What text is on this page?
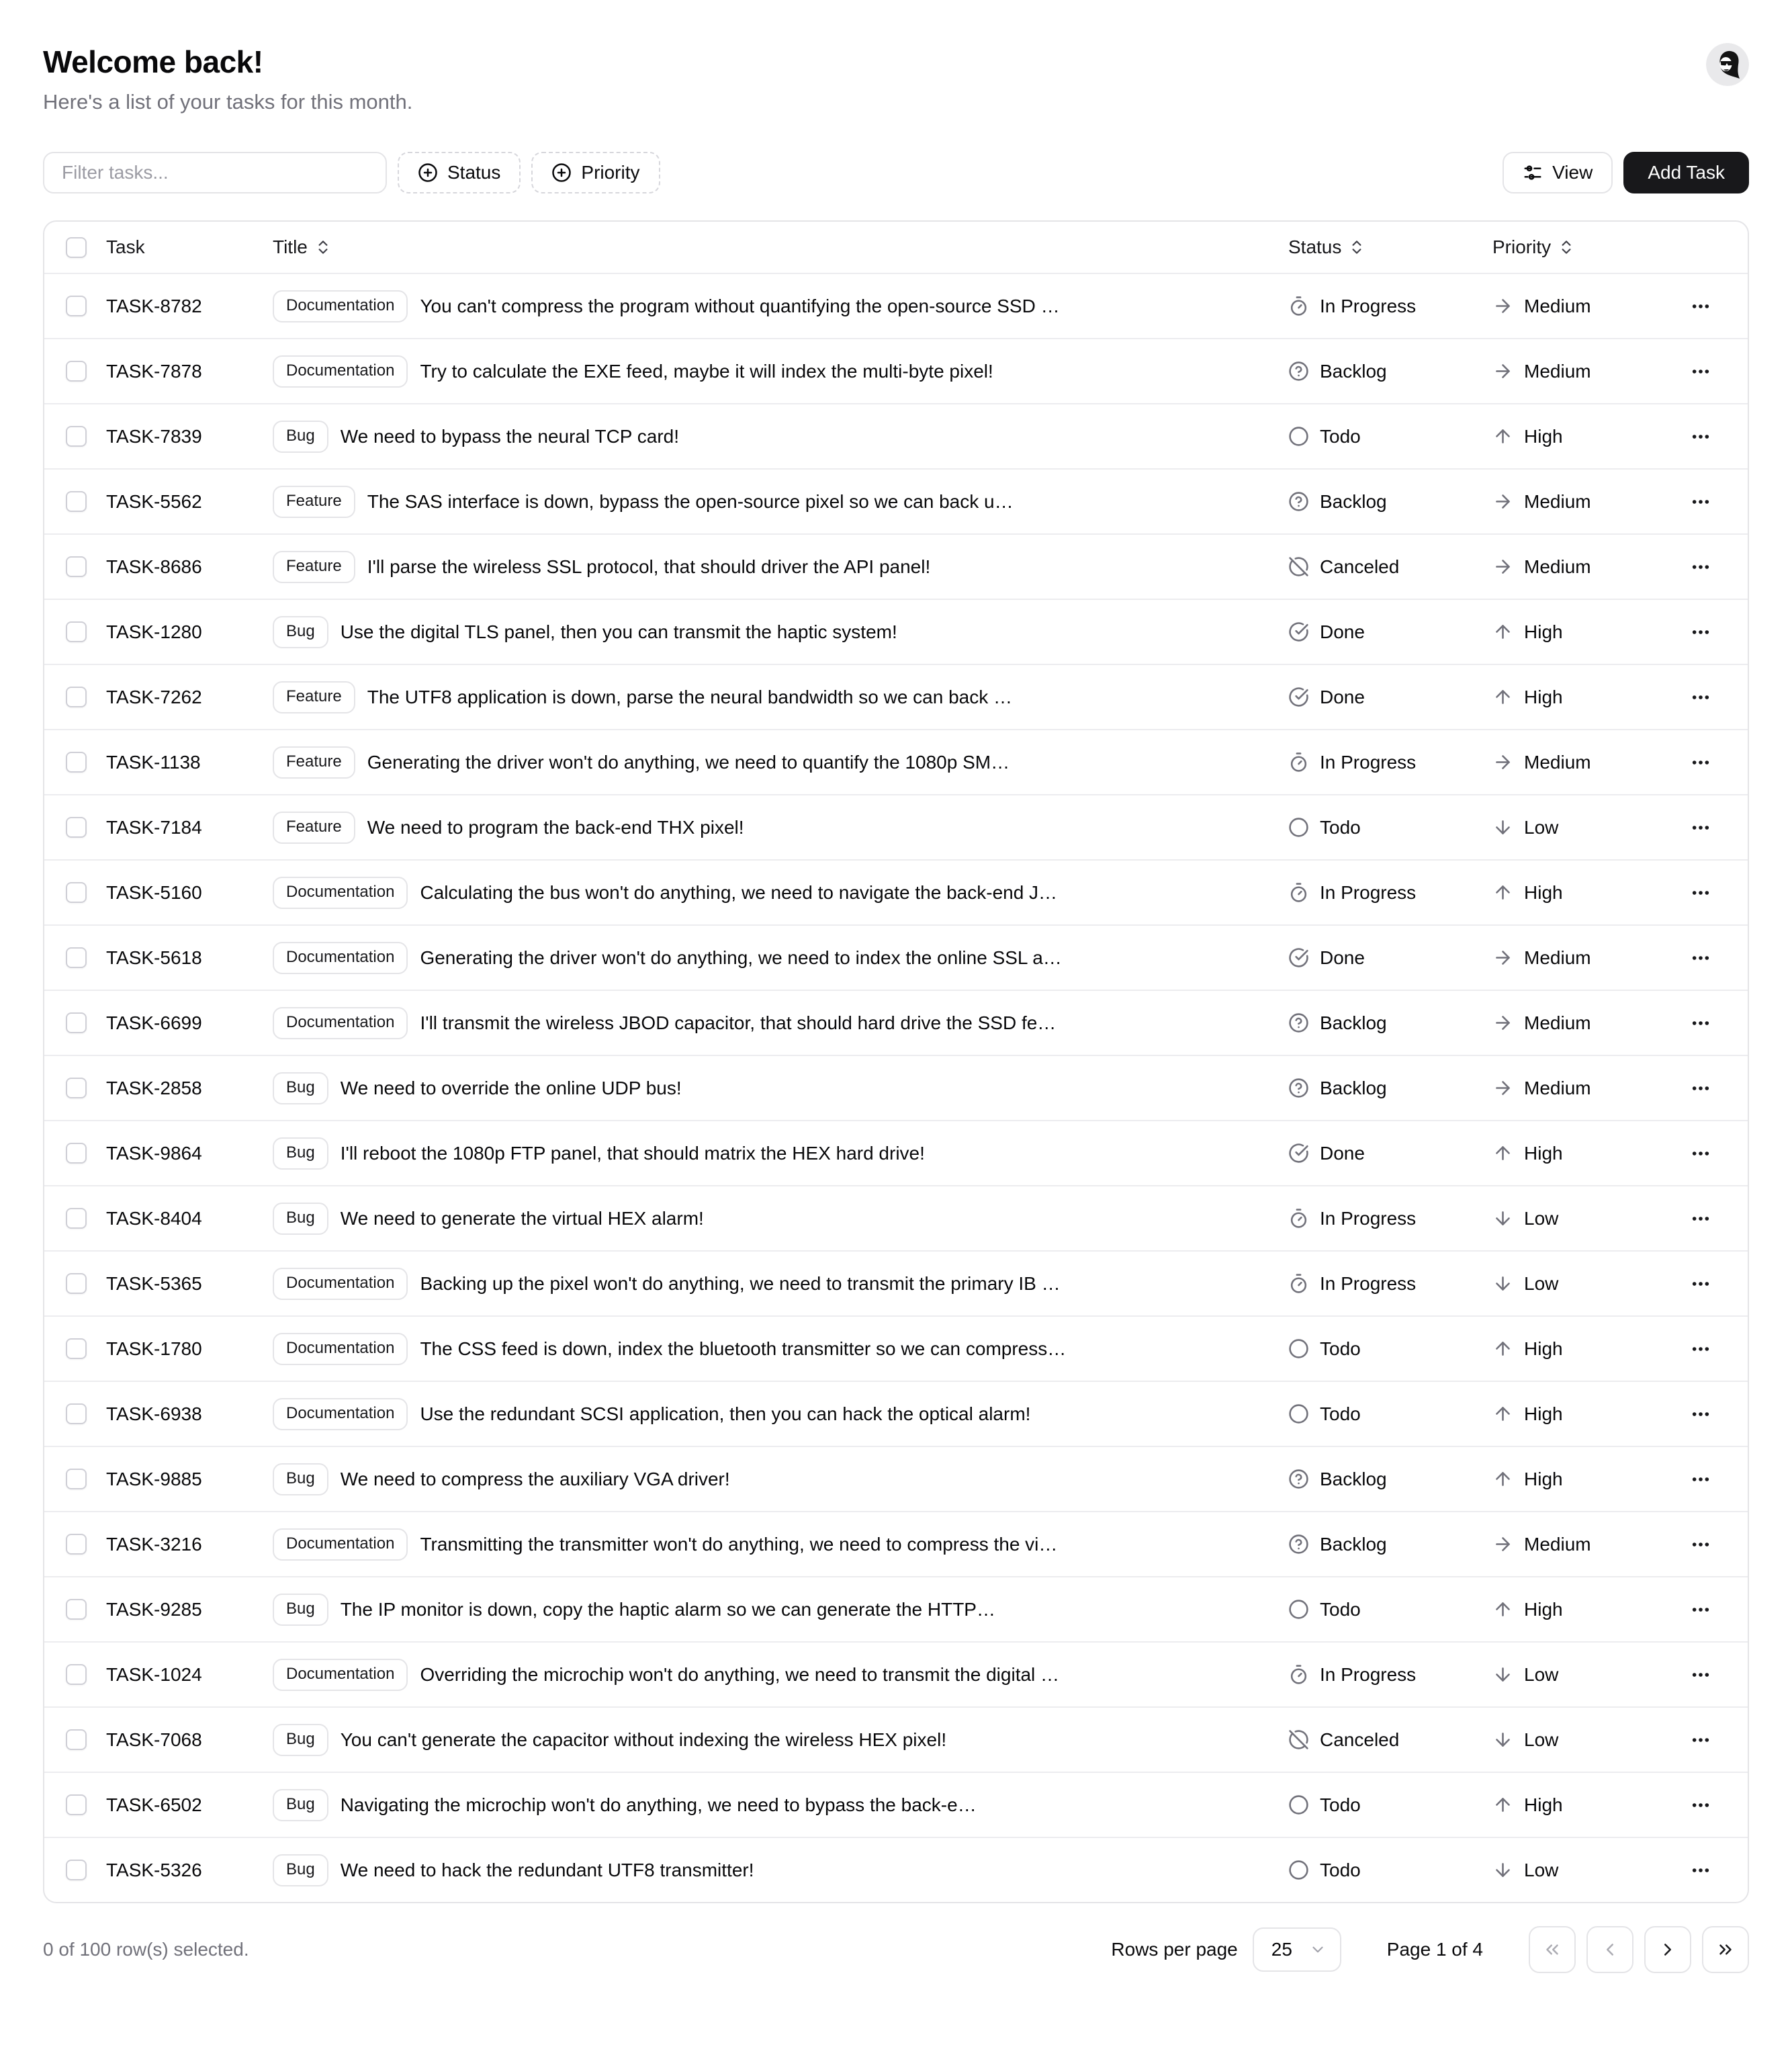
Welcome back!
Here's a list of your tasks for this month.
Filter tasks...
Status	Priority	View	Add Task
Task	Title	Status	Priority
TASK-8782	Documentation	You can't compress the program without quantifying the open-source SSD …	In Progress	Medium
TASK-7878	Documentation	Try to calculate the EXE feed, maybe it will index the multi-byte pixel!	Backlog	Medium
TASK-7839	Bug	We need to bypass the neural TCP card!	Todo	High
TASK-5562	Feature	The SAS interface is down, bypass the open-source pixel so we can back u…	Backlog	Medium
TASK-8686	Feature	I'll parse the wireless SSL protocol, that should driver the API panel!	Canceled	Medium
TASK-1280	Bug	Use the digital TLS panel, then you can transmit the haptic system!	Done	High
TASK-7262	Feature	The UTF8 application is down, parse the neural bandwidth so we can back …	Done	High
TASK-1138	Feature	Generating the driver won't do anything, we need to quantify the 1080p SM…	In Progress	Medium
TASK-7184	Feature	We need to program the back-end THX pixel!	Todo	Low
TASK-5160	Documentation	Calculating the bus won't do anything, we need to navigate the back-end J…	In Progress	High
TASK-5618	Documentation	Generating the driver won't do anything, we need to index the online SSL a…	Done	Medium
TASK-6699	Documentation	I'll transmit the wireless JBOD capacitor, that should hard drive the SSD fe…	Backlog	Medium
TASK-2858	Bug	We need to override the online UDP bus!	Backlog	Medium
TASK-9864	Bug	I'll reboot the 1080p FTP panel, that should matrix the HEX hard drive!	Done	High
TASK-8404	Bug	We need to generate the virtual HEX alarm!	In Progress	Low
TASK-5365	Documentation	Backing up the pixel won't do anything, we need to transmit the primary IB …	In Progress	Low
TASK-1780	Documentation	The CSS feed is down, index the bluetooth transmitter so we can compress…	Todo	High
TASK-6938	Documentation	Use the redundant SCSI application, then you can hack the optical alarm!	Todo	High
TASK-9885	Bug	We need to compress the auxiliary VGA driver!	Backlog	High
TASK-3216	Documentation	Transmitting the transmitter won't do anything, we need to compress the vi…	Backlog	Medium
TASK-9285	Bug	The IP monitor is down, copy the haptic alarm so we can generate the HTTP…	Todo	High
TASK-1024	Documentation	Overriding the microchip won't do anything, we need to transmit the digital …	In Progress	Low
TASK-7068	Bug	You can't generate the capacitor without indexing the wireless HEX pixel!	Canceled	Low
TASK-6502	Bug	Navigating the microchip won't do anything, we need to bypass the back-e…	Todo	High
TASK-5326	Bug	We need to hack the redundant UTF8 transmitter!	Todo	Low
0 of 100 row(s) selected.	Rows per page 25	Page 1 of 4
